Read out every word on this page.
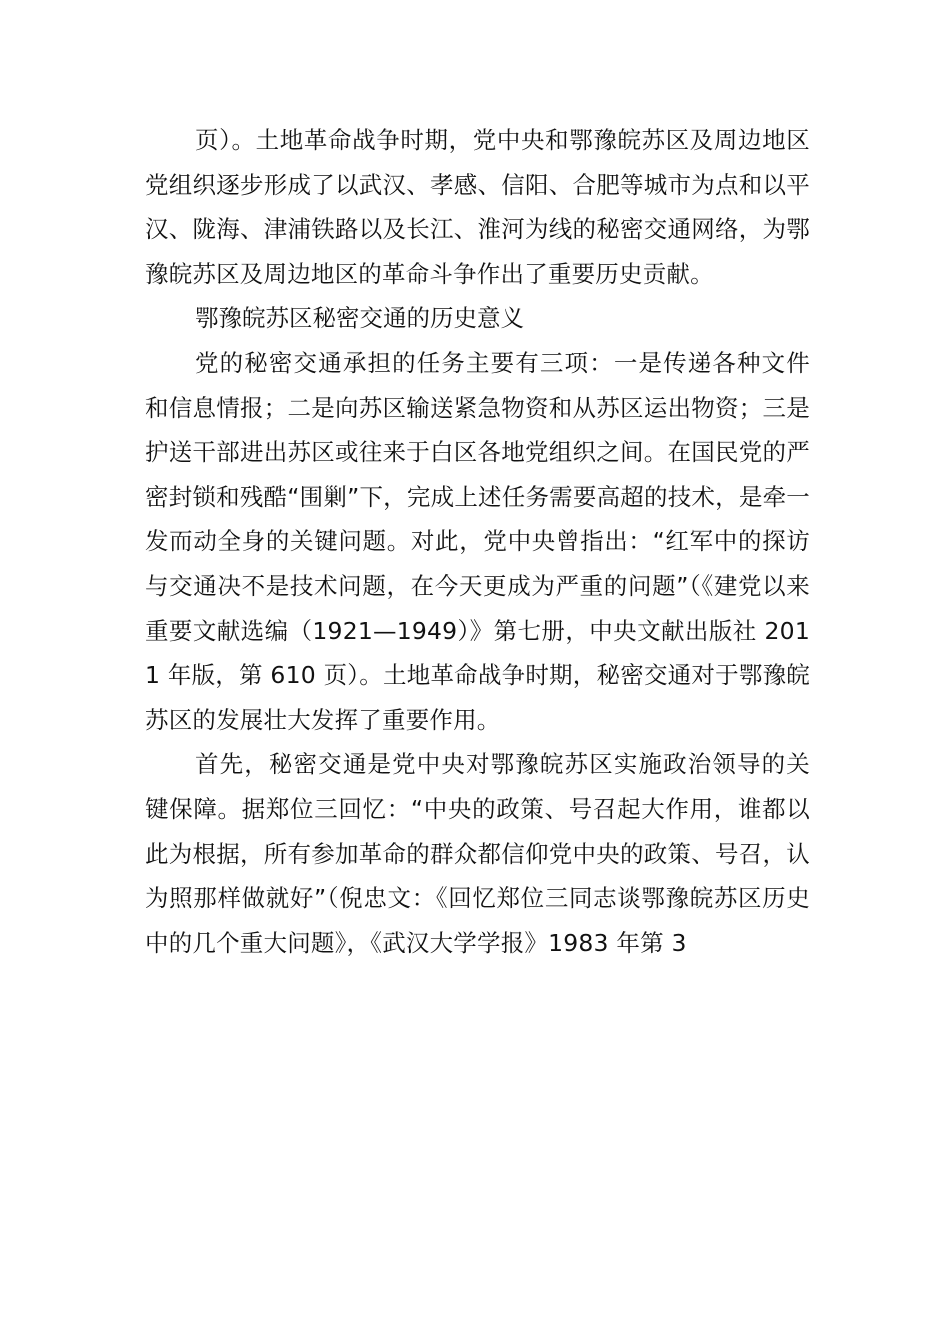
页）。土地革命战争时期，党中央和鄂豫皖苏区及周边地区党组织逐步形成了以武汉、孝感、信阳、合肥等城市为点和以平汉、陇海、津浦铁路以及长江、淮河为线的秘密交通网络，为鄂豫皖苏区及周边地区的革命斗争作出了重要历史贡献。

鄂豫皖苏区秘密交通的历史意义

党的秘密交通承担的任务主要有三项：一是传递各种文件和信息情报；二是向苏区输送紧急物资和从苏区运出物资；三是护送干部进出苏区或往来于白区各地党组织之间。在国民党的严密封锁和残酷“围剿”下，完成上述任务需要高超的技术，是牵一发而动全身的关键问题。对此，党中央曾指出：“红军中的探访与交通决不是技术问题，在今天更成为严重的问题”（《建党以来重要文献选编（1921—1949）》第七册，中央文献出版社 2011 年版，第 610 页）。土地革命战争时期，秘密交通对于鄂豫皖苏区的发展壮大发挥了重要作用。

首先，秘密交通是党中央对鄂豫皖苏区实施政治领导的关键保障。据郑位三回忆：“中央的政策、号召起大作用，谁都以此为根据，所有参加革命的群众都信仰党中央的政策、号召，认为照那样做就好”（倪忠文：《回忆郑位三同志谈鄂豫皖苏区历史中的几个重大问题》，《武汉大学学报》1983 年第 3
